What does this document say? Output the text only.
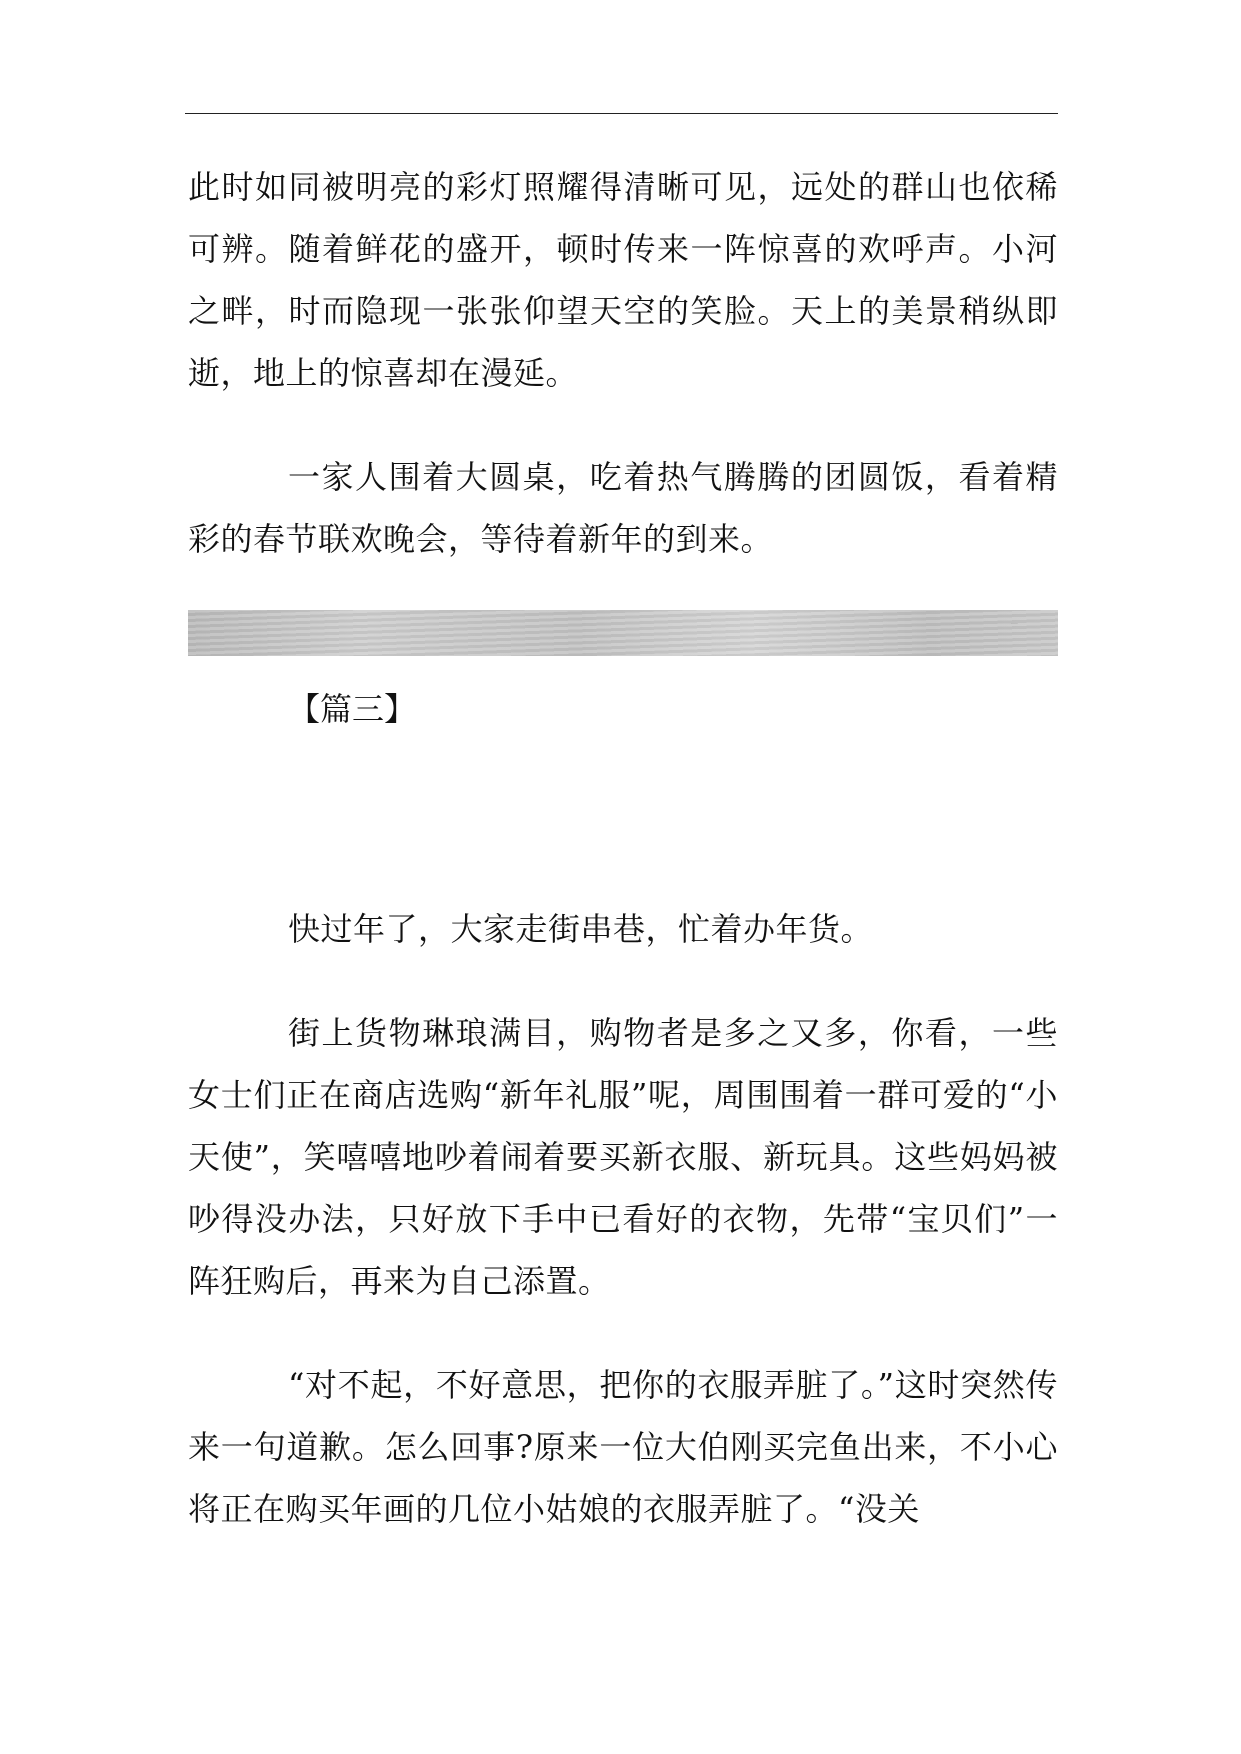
此时如同被明亮的彩灯照耀得清晰可见，远处的群山也依稀可辨。随着鲜花的盛开，顿时传来一阵惊喜的欢呼声。小河之畔，时而隐现一张张仰望天空的笑脸。天上的美景稍纵即逝，地上的惊喜却在漫延。

一家人围着大圆桌，吃着热气腾腾的团圆饭，看着精彩的春节联欢晚会，等待着新年的到来。

【篇三】

快过年了，大家走街串巷，忙着办年货。

街上货物琳琅满目，购物者是多之又多，你看，一些女士们正在商店选购“新年礼服”呢，周围围着一群可爱的“小天使”，笑嘻嘻地吵着闹着要买新衣服、新玩具。这些妈妈被吵得没办法，只好放下手中已看好的衣物，先带“宝贝们”一阵狂购后，再来为自己添置。

“对不起，不好意思，把你的衣服弄脏了。”这时突然传来一句道歉。怎么回事?原来一位大伯刚买完鱼出来，不小心将正在购买年画的几位小姑娘的衣服弄脏了。“没关
